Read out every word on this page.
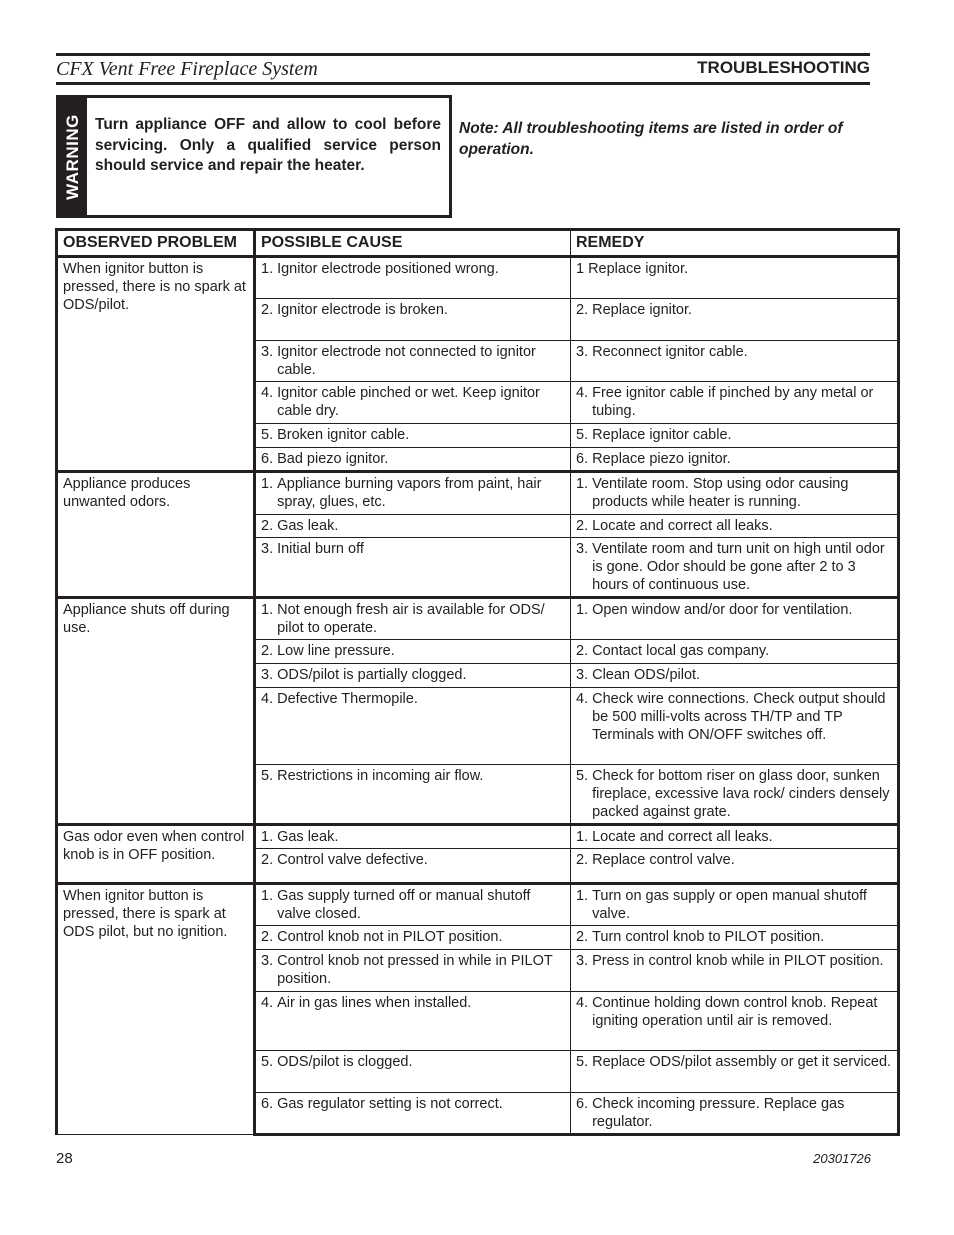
CFX Vent Free Fireplace System	TROUBLESHOOTING
WARNING Turn appliance OFF and allow to cool before servicing. Only a qualified service person should service and repair the heater.
Note: All troubleshooting items are listed in order of operation.
OBSERVED PROBLEM	POSSIBLE CAUSE	REMEDY
When ignitor button is pressed, there is no spark at ODS/pilot.	1. Ignitor electrode positioned wrong.	1 Replace ignitor.

	2. Ignitor electrode is broken.	2. Replace ignitor.

	3. Ignitor electrode not connected to ignitor cable.	3. Reconnect ignitor cable.

	4. Ignitor cable pinched or wet. Keep ignitor cable dry.	4. Free ignitor cable if pinched by any metal or tubing.

	5. Broken ignitor cable.	5. Replace ignitor cable.

	6. Bad piezo ignitor.	6. Replace piezo ignitor.

Appliance produces unwanted odors.	1. Appliance burning vapors from paint, hair spray, glues, etc.	1. Ventilate room. Stop using odor causing products while heater is running.

	2. Gas leak.	2. Locate and correct all leaks.

	3. Initial burn off	3. Ventilate room and turn unit on high until odor is gone. Odor should be gone after 2 to 3 hours of continuous use.

Appliance shuts off during use.	1. Not enough fresh air is available for ODS/ pilot to operate.	1. Open window and/or door for ventilation.

	2. Low line pressure.	2. Contact local gas company.

	3. ODS/pilot is partially clogged.	3. Clean ODS/pilot.

	4. Defective Thermopile.	4. Check wire connections. Check output should be 500 milli-volts across TH/TP and TP Terminals with ON/OFF switches off.

	5. Restrictions in incoming air flow.	5. Check for bottom riser on glass door, sunken fireplace, excessive lava rock/ cinders densely packed against grate.

Gas odor even when control knob is in OFF position.	1. Gas leak.	1. Locate and correct all leaks.

	2. Control valve defective.	2. Replace control valve.

When ignitor button is pressed, there is spark at ODS pilot, but no ignition.	1. Gas supply turned off or manual shutoff valve closed.	1. Turn on gas supply or open manual shutoff valve.

	2. Control knob not in PILOT position.	2. Turn control knob to PILOT position.

	3. Control knob not pressed in while in PILOT position.	3. Press in control knob while in PILOT position.

	4. Air in gas lines when installed.	4. Continue holding down control knob. Repeat igniting operation until air is removed.

	5. ODS/pilot is clogged.	5. Replace ODS/pilot assembly or get it serviced.

	6. Gas regulator setting is not correct.	6. Check incoming pressure. Replace gas regulator.
28	20301726
